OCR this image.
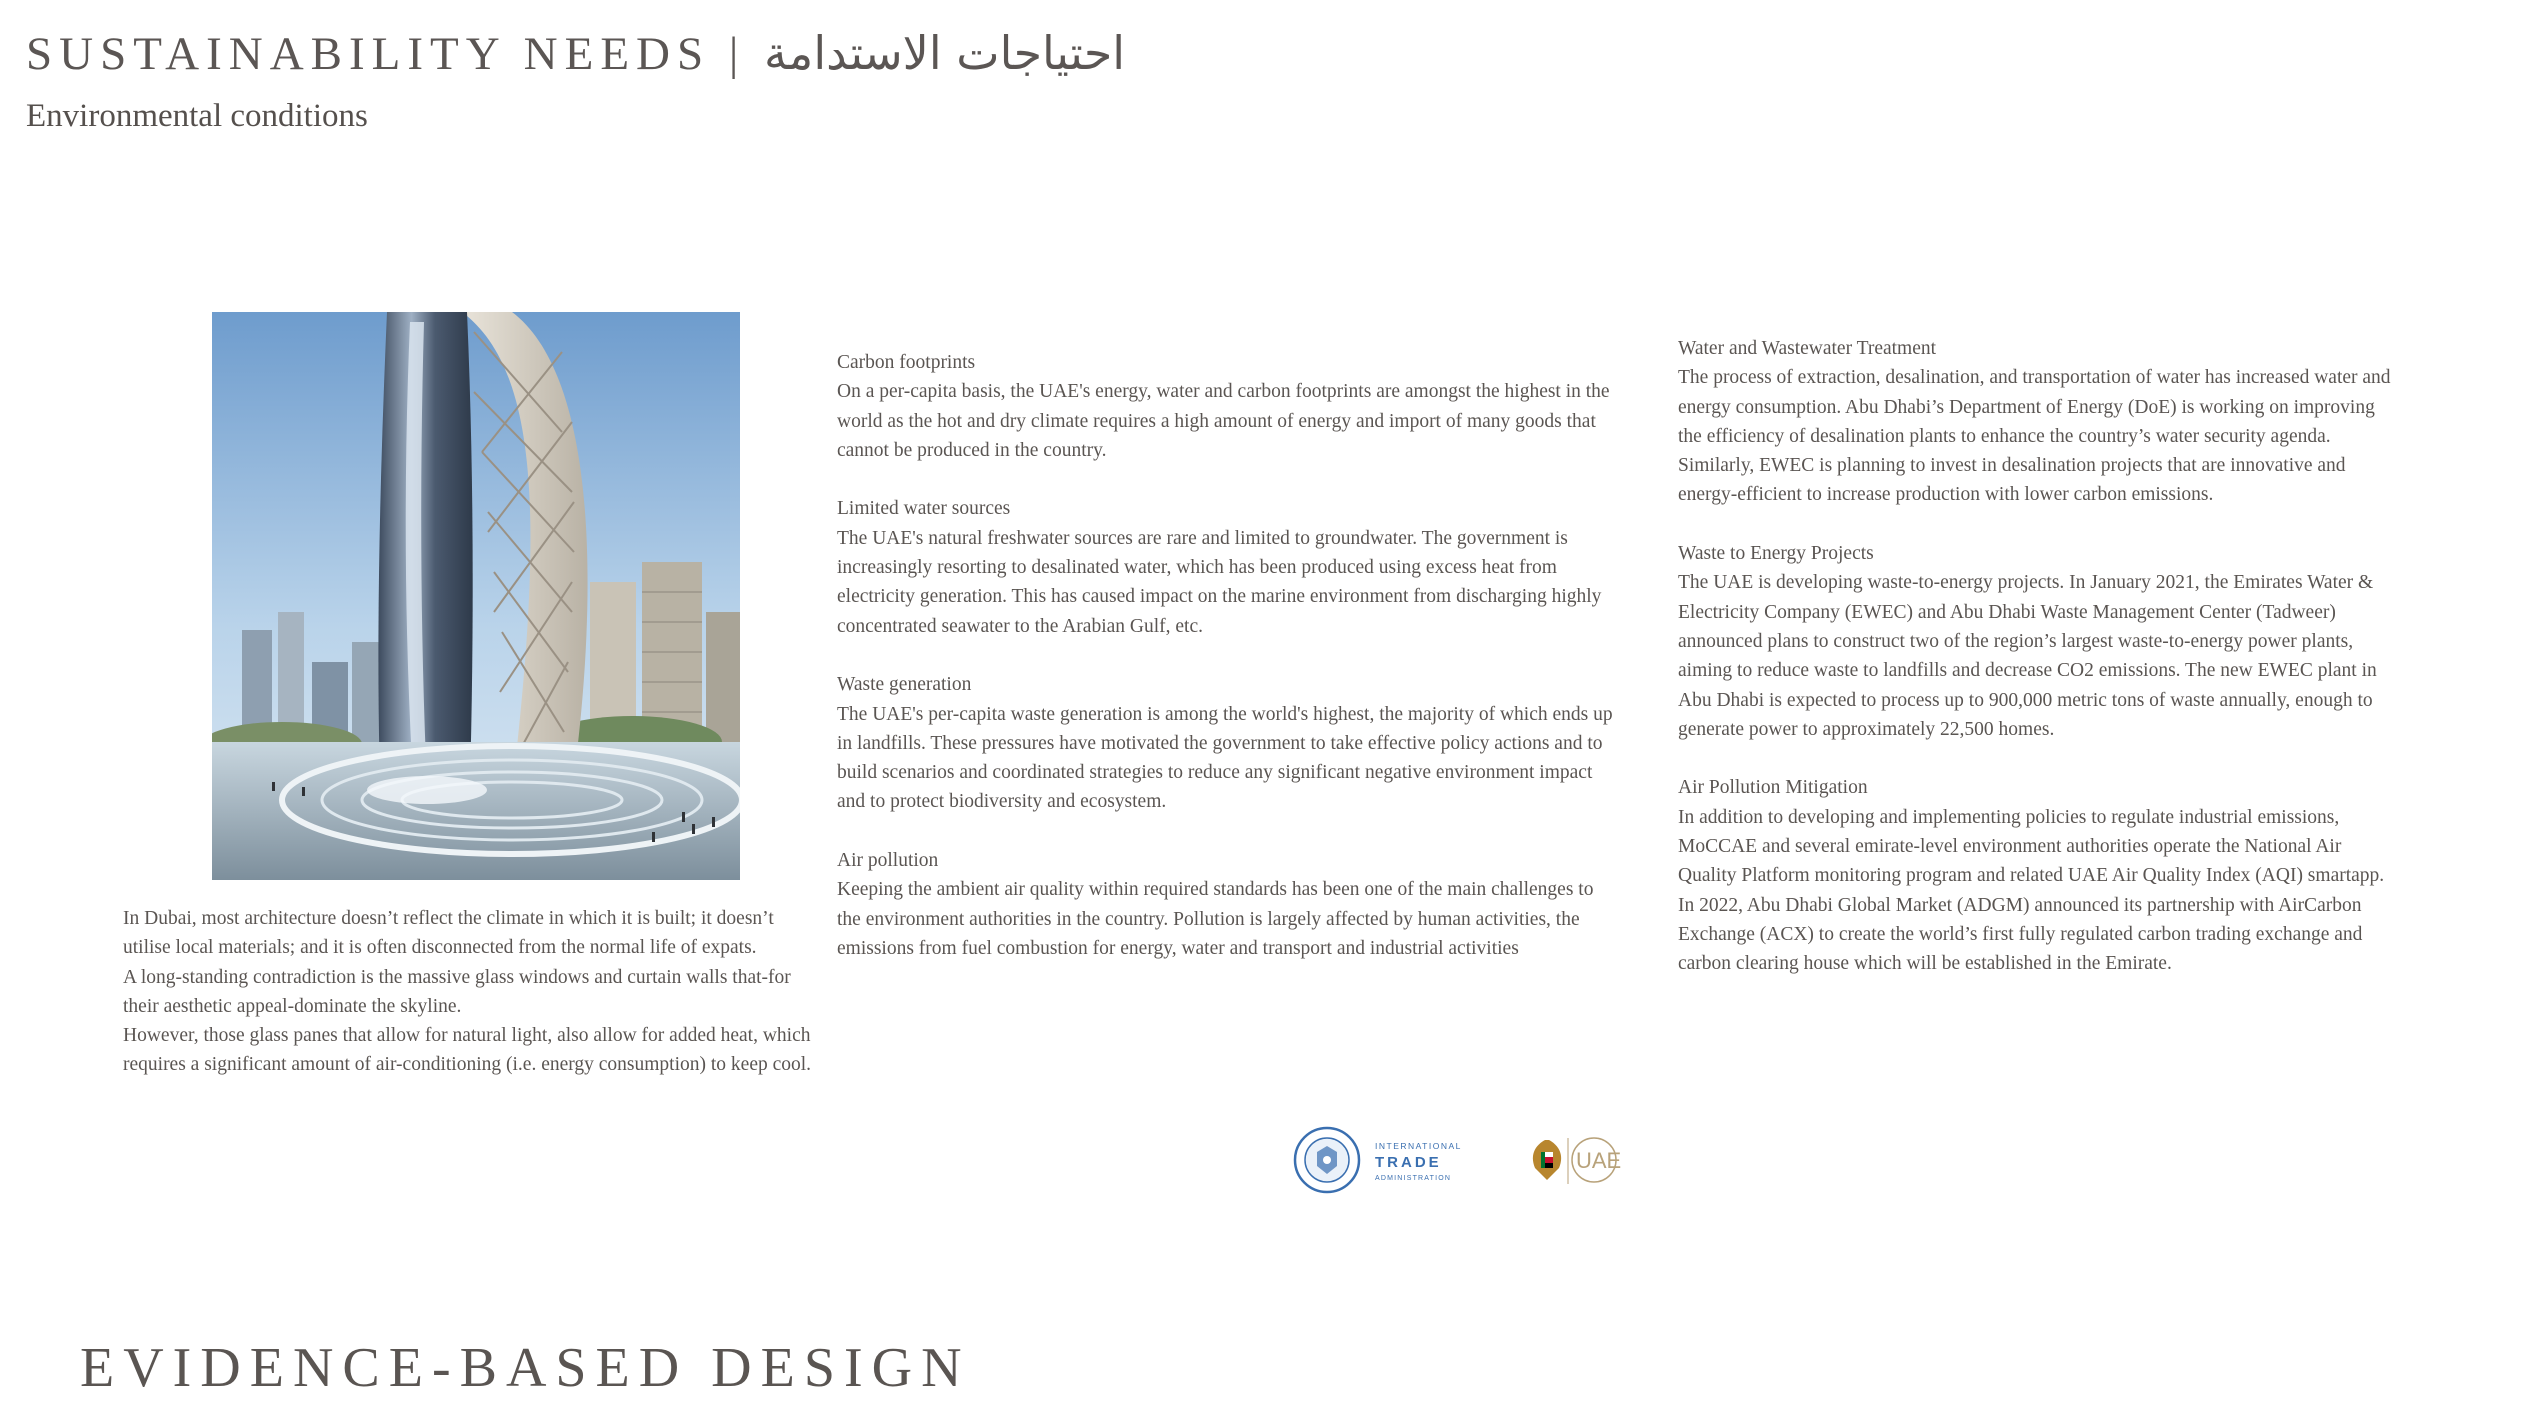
SUSTAINABILITY NEEDS | احتياجات الاستدامة
Environmental conditions

In Dubai, most architecture doesn’t reflect the climate in which it is built; it doesn’t utilise local materials; and it is often disconnected from the normal life of expats.

A long-standing contradiction is the massive glass windows and curtain walls that-for their aesthetic appeal-dominate the skyline.

However, those glass panes that allow for natural light, also allow for added heat, which requires a significant amount of air-conditioning (i.e. energy consumption) to keep cool.

Carbon footprints

On a per-capita basis, the UAE's energy, water and carbon footprints are amongst the highest in the world as the hot and dry climate requires a high amount of energy and import of many goods that cannot be produced in the country.

Limited water sources

The UAE's natural freshwater sources are rare and limited to groundwater. The government is increasingly resorting to desalinated water, which has been produced using excess heat from electricity generation. This has caused impact on the marine environment from discharging highly concentrated seawater to the Arabian Gulf, etc.

Waste generation

The UAE's per-capita waste generation is among the world's highest, the majority of which ends up in landfills. These pressures have motivated the government to take effective policy actions and to build scenarios and coordinated strategies to reduce any significant negative environment impact and to protect biodiversity and ecosystem.

Air pollution

Keeping the ambient air quality within required standards has been one of the main challenges to the environment authorities in the country. Pollution is largely affected by human activities, the emissions from fuel combustion for energy, water and transport and industrial activities

Water and Wastewater Treatment

The process of extraction, desalination, and transportation of water has increased water and energy consumption. Abu Dhabi’s Department of Energy (DoE) is working on improving the efficiency of desalination plants to enhance the country’s water security agenda. Similarly, EWEC is planning to invest in desalination projects that are innovative and energy-efficient to increase production with lower carbon emissions.

Waste to Energy Projects

The UAE is developing waste-to-energy projects. In January 2021, the Emirates Water & Electricity Company (EWEC) and Abu Dhabi Waste Management Center (Tadweer) announced plans to construct two of the region’s largest waste-to-energy power plants, aiming to reduce waste to landfills and decrease CO2 emissions. The new EWEC plant in Abu Dhabi is expected to process up to 900,000 metric tons of waste annually, enough to generate power to approximately 22,500 homes.

Air Pollution Mitigation

In addition to developing and implementing policies to regulate industrial emissions, MoCCAE and several emirate-level environment authorities operate the National Air Quality Platform monitoring program and related UAE Air Quality Index (AQI) smartapp. In 2022, Abu Dhabi Global Market (ADGM) announced its partnership with AirCarbon Exchange (ACX) to create the world’s first fully regulated carbon trading exchange and carbon clearing house which will be established in the Emirate.

INTERNATIONAL
TRADE
ADMINISTRATION
UAE
EVIDENCE-BASED DESIGN
